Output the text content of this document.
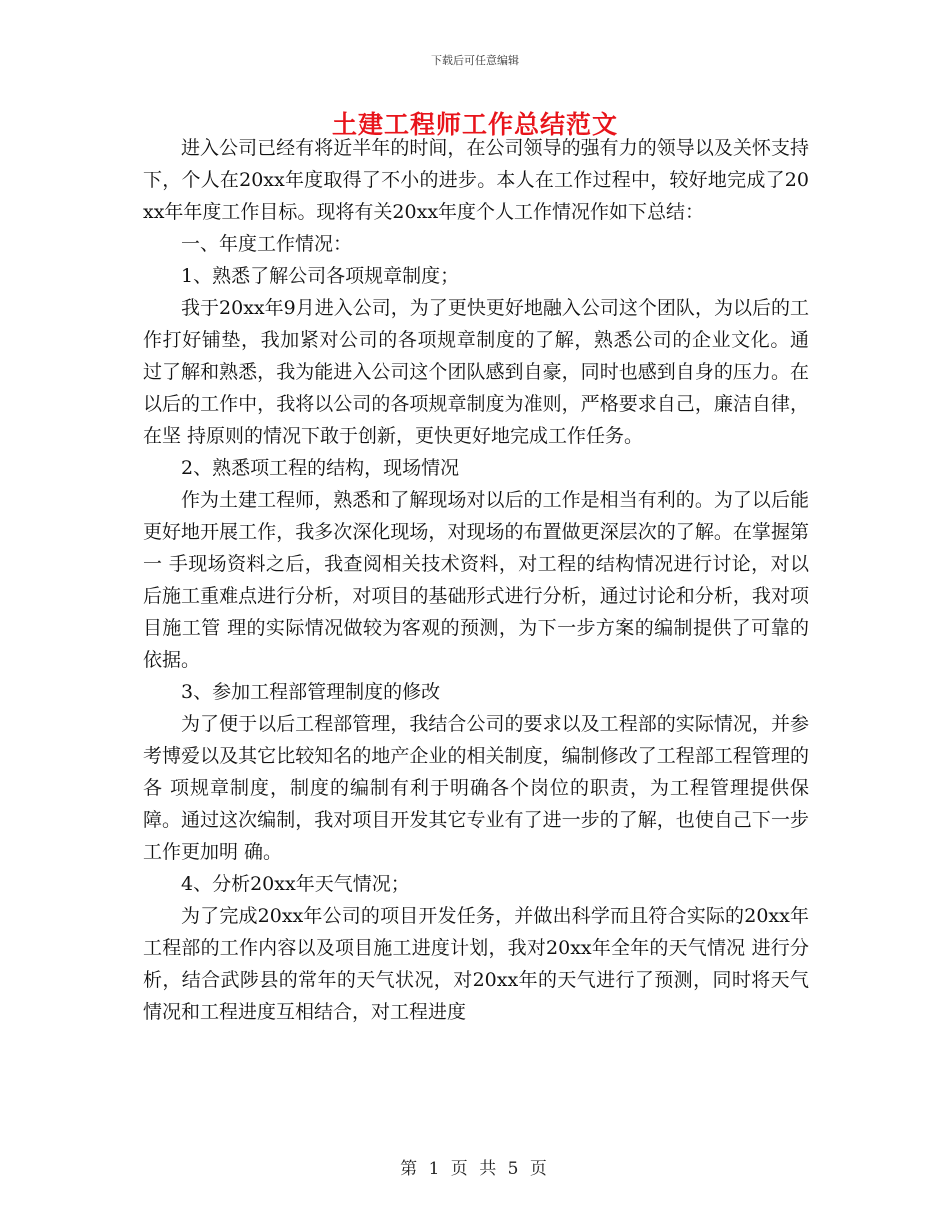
下载后可任意编辑
土建工程师工作总结范文

进入公司已经有将近半年的时间，在公司领导的强有力的领导以及关怀支持下，个人在20xx年度取得了不小的进步。本人在工作过程中，较好地完成了20xx年年度工作目标。现将有关20xx年度个人工作情况作如下总结：

一、年度工作情况：

1、熟悉了解公司各项规章制度；

我于20xx年9月进入公司，为了更快更好地融入公司这个团队，为以后的工作打好铺垫，我加紧对公司的各项规章制度的了解，熟悉公司的企业文化。通 过了解和熟悉，我为能进入公司这个团队感到自豪，同时也感到自身的压力。在以后的工作中，我将以公司的各项规章制度为准则，严格要求自己，廉洁自律，在坚 持原则的情况下敢于创新，更快更好地完成工作任务。

2、熟悉项工程的结构，现场情况

作为土建工程师，熟悉和了解现场对以后的工作是相当有利的。为了以后能更好地开展工作，我多次深化现场，对现场的布置做更深层次的了解。在掌握第一 手现场资料之后，我查阅相关技术资料，对工程的结构情况进行讨论，对以后施工重难点进行分析，对项目的基础形式进行分析，通过讨论和分析，我对项目施工管 理的实际情况做较为客观的预测，为下一步方案的编制提供了可靠的依据。

3、参加工程部管理制度的修改

为了便于以后工程部管理，我结合公司的要求以及工程部的实际情况，并参考博爱以及其它比较知名的地产企业的相关制度，编制修改了工程部工程管理的各 项规章制度，制度的编制有利于明确各个岗位的职责，为工程管理提供保障。通过这次编制，我对项目开发其它专业有了进一步的了解，也使自己下一步工作更加明 确。

4、分析20xx年天气情况；

为了完成20xx年公司的项目开发任务，并做出科学而且符合实际的20xx年工程部的工作内容以及项目施工进度计划，我对20xx年全年的天气情况 进行分析，结合武陟县的常年的天气状况，对20xx年的天气进行了预测，同时将天气情况和工程进度互相结合，对工程进度

第 1 页 共 5 页
